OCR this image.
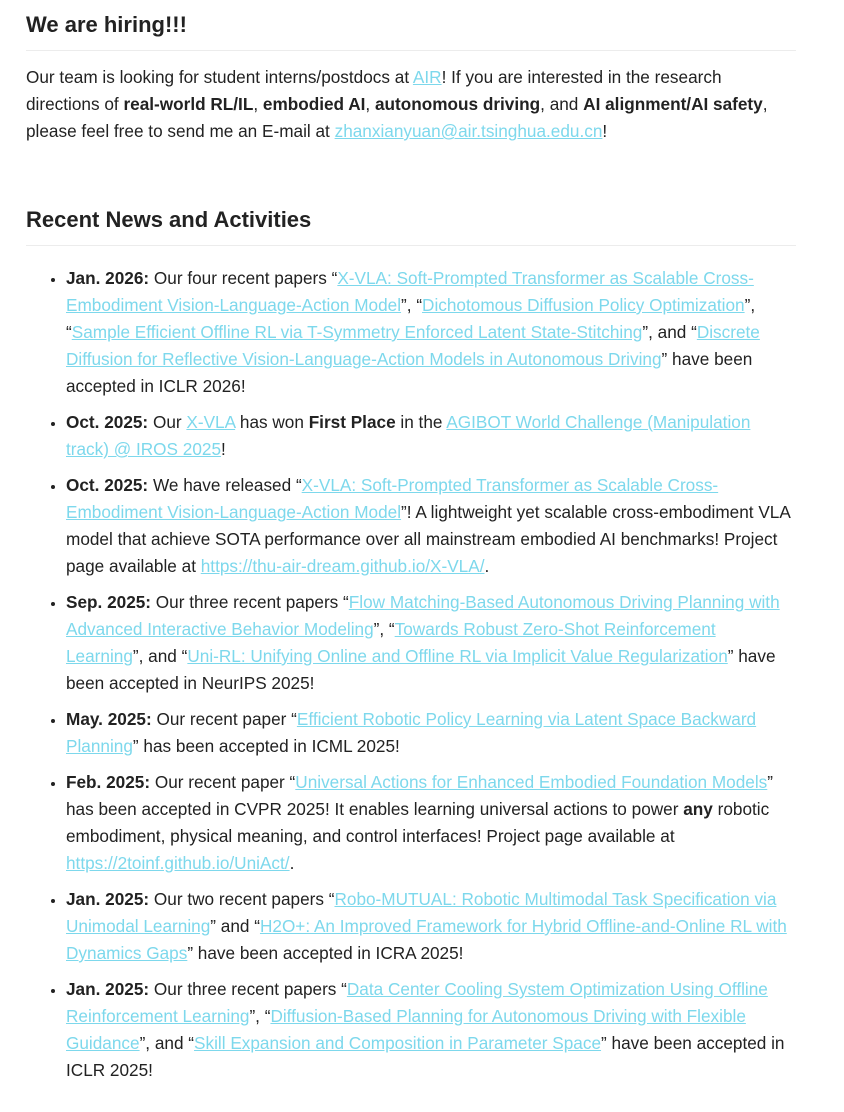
We are hiring!!!

Our team is looking for student interns/postdocs at AIR! If you are interested in the research directions of real-world RL/IL, embodied AI, autonomous driving, and AI alignment/AI safety, please feel free to send me an E-mail at zhanxianyuan@air.tsinghua.edu.cn!

Recent News and Activities
• Jan. 2026: Our four recent papers “X-VLA: Soft-Prompted Transformer as Scalable Cross-Embodiment Vision-Language-Action Model”, “Dichotomous Diffusion Policy Optimization”, “Sample Efficient Offline RL via T-Symmetry Enforced Latent State-Stitching”, and “Discrete Diffusion for Reflective Vision-Language-Action Models in Autonomous Driving” have been accepted in ICLR 2026!
• Oct. 2025: Our X-VLA has won First Place in the AGIBOT World Challenge (Manipulation track) @ IROS 2025!
• Oct. 2025: We have released “X-VLA: Soft-Prompted Transformer as Scalable Cross-Embodiment Vision-Language-Action Model”! A lightweight yet scalable cross-embodiment VLA model that achieve SOTA performance over all mainstream embodied AI benchmarks! Project page available at https://thu-air-dream.github.io/X-VLA/.
• Sep. 2025: Our three recent papers “Flow Matching-Based Autonomous Driving Planning with Advanced Interactive Behavior Modeling”, “Towards Robust Zero-Shot Reinforcement Learning”, and “Uni-RL: Unifying Online and Offline RL via Implicit Value Regularization” have been accepted in NeurIPS 2025!
• May. 2025: Our recent paper “Efficient Robotic Policy Learning via Latent Space Backward Planning” has been accepted in ICML 2025!
• Feb. 2025: Our recent paper “Universal Actions for Enhanced Embodied Foundation Models” has been accepted in CVPR 2025! It enables learning universal actions to power any robotic embodiment, physical meaning, and control interfaces! Project page available at https://2toinf.github.io/UniAct/.
• Jan. 2025: Our two recent papers “Robo-MUTUAL: Robotic Multimodal Task Specification via Unimodal Learning” and “H2O+: An Improved Framework for Hybrid Offline-and-Online RL with Dynamics Gaps” have been accepted in ICRA 2025!
• Jan. 2025: Our three recent papers “Data Center Cooling System Optimization Using Offline Reinforcement Learning”, “Diffusion-Based Planning for Autonomous Driving with Flexible Guidance”, and “Skill Expansion and Composition in Parameter Space” have been accepted in ICLR 2025!
